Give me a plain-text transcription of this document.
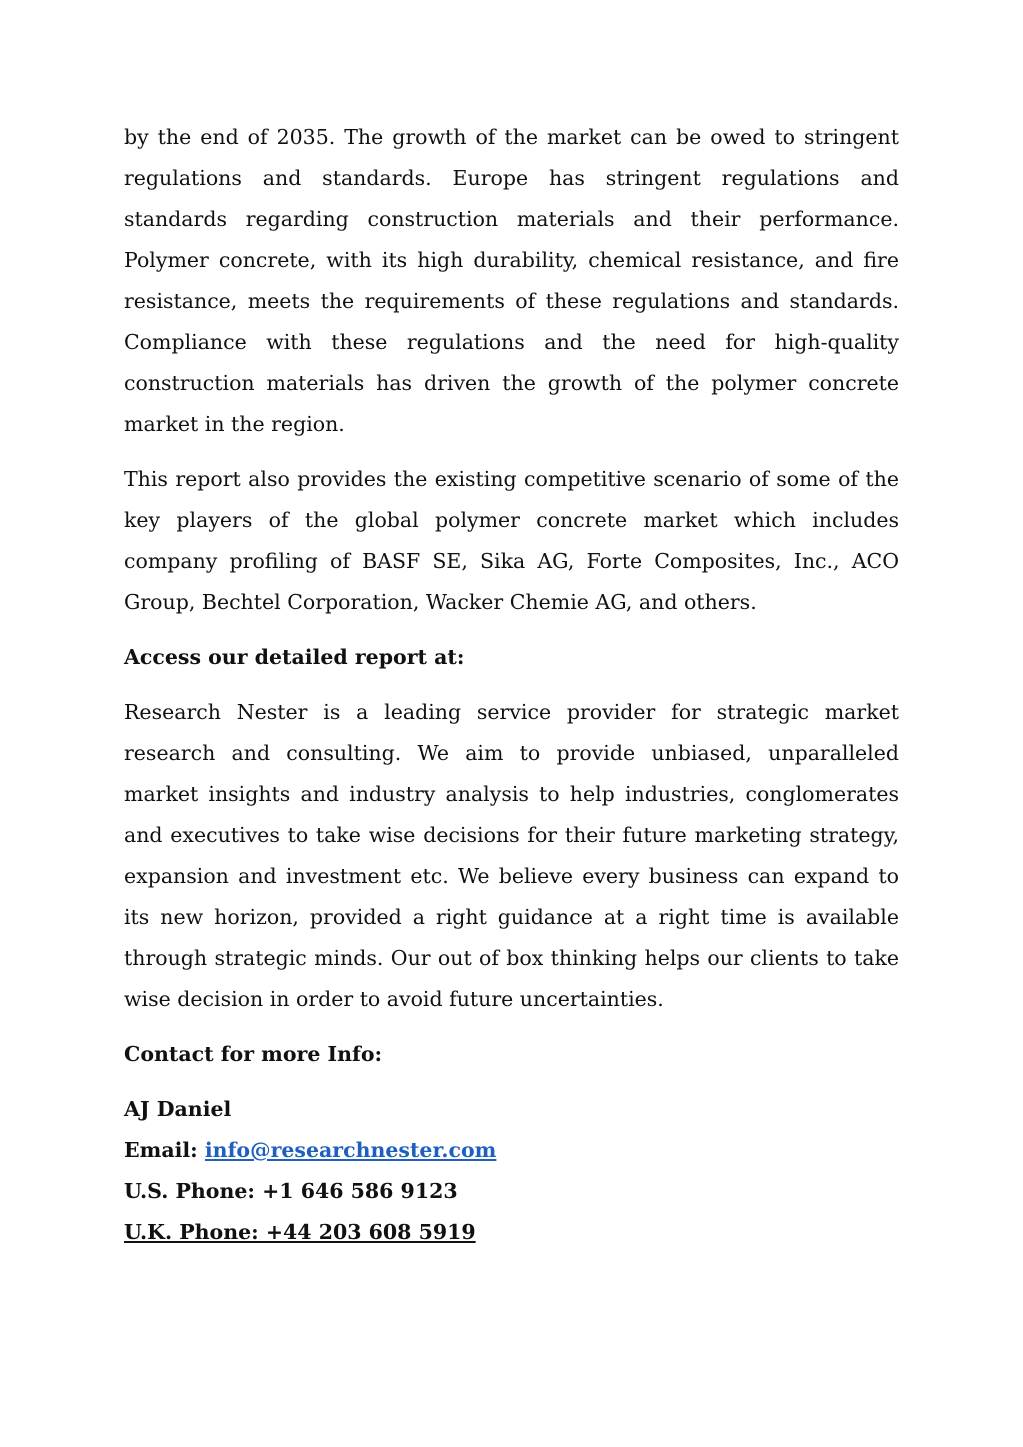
by the end of 2035. The growth of the market can be owed to stringent regulations and standards. Europe has stringent regulations and standards regarding construction materials and their performance. Polymer concrete, with its high durability, chemical resistance, and fire resistance, meets the requirements of these regulations and standards. Compliance with these regulations and the need for high-quality construction materials has driven the growth of the polymer concrete market in the region.

This report also provides the existing competitive scenario of some of the key players of the global polymer concrete market which includes company profiling of BASF SE, Sika AG, Forte Composites, Inc., ACO Group, Bechtel Corporation, Wacker Chemie AG, and others.

Access our detailed report at:

Research Nester is a leading service provider for strategic market research and consulting. We aim to provide unbiased, unparalleled market insights and industry analysis to help industries, conglomerates and executives to take wise decisions for their future marketing strategy, expansion and investment etc. We believe every business can expand to its new horizon, provided a right guidance at a right time is available through strategic minds. Our out of box thinking helps our clients to take wise decision in order to avoid future uncertainties.

Contact for more Info:

AJ Daniel

Email: info@researchnester.com

U.S. Phone: +1 646 586 9123

U.K. Phone: +44 203 608 5919
